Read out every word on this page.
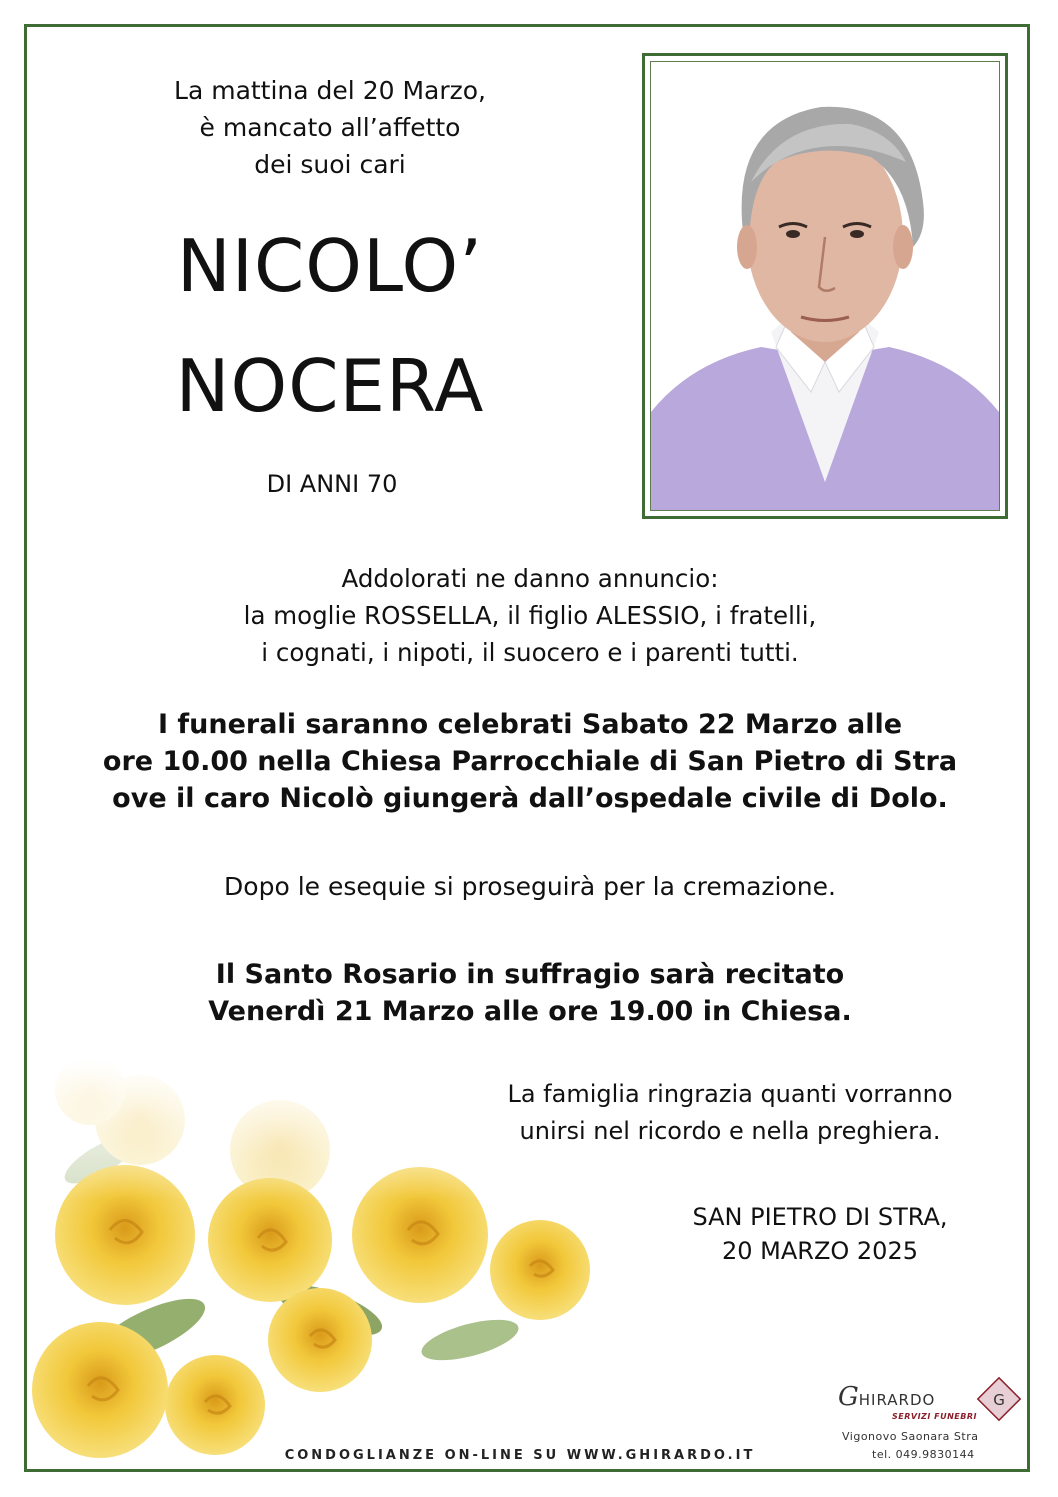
La mattina del 20 Marzo,
è mancato all’affetto
dei suoi cari
NICOLO’
NOCERA
DI ANNI 70
Addolorati ne danno annuncio:
la moglie ROSSELLA, il figlio ALESSIO, i fratelli,
i cognati, i nipoti, il suocero e i parenti tutti.
I funerali saranno celebrati Sabato 22 Marzo alle
ore 10.00 nella Chiesa Parrocchiale di San Pietro di Stra
ove il caro Nicolò giungerà dall’ospedale civile di Dolo.
Dopo le esequie si proseguirà per la cremazione.
Il Santo Rosario in suffragio sarà recitato
Venerdì 21 Marzo alle ore 19.00 in Chiesa.
La famiglia ringrazia quanti vorranno
unirsi nel ricordo e nella preghiera.
SAN PIETRO DI STRA,
20 MARZO 2025
GHIRARDO
SERVIZI FUNEBRI
G
Vigonovo Saonara Stra
tel. 049.9830144
CONDOGLIANZE ON-LINE SU WWW.GHIRARDO.IT
